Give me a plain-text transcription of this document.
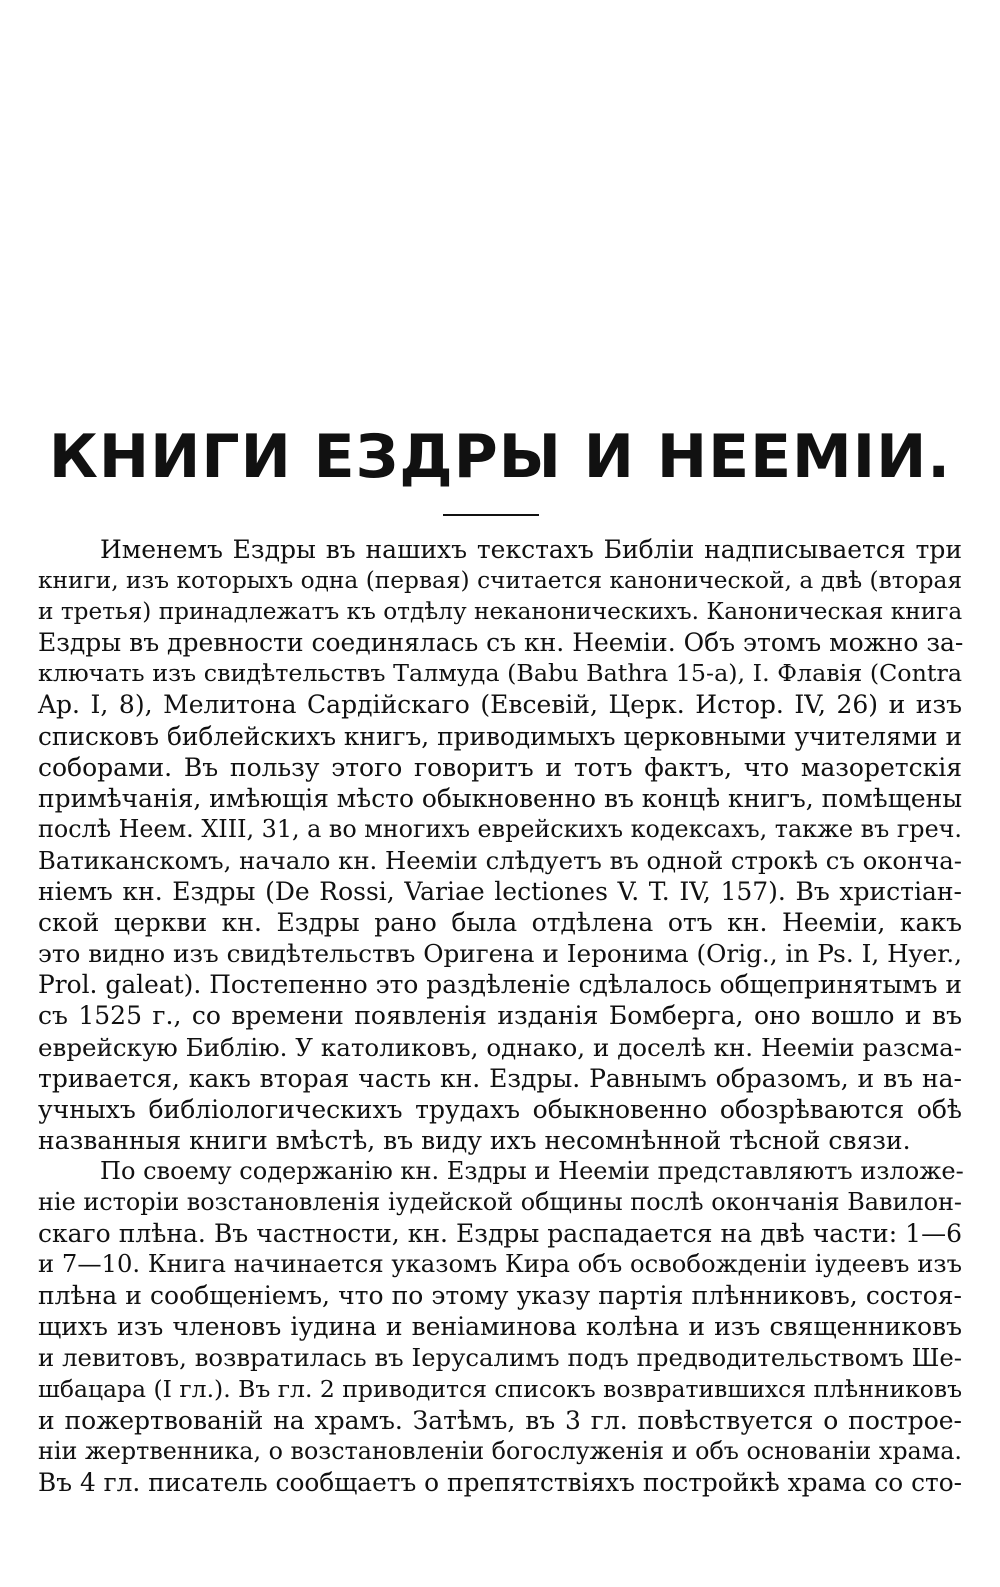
КНИГИ ЕЗДРЫ И НЕЕМІИ.
Именемъ Ездры въ нашихъ текстахъ Библіи надписывается три
книги, изъ которыхъ одна (первая) считается канонической, а двѣ (вторая
и третья) принадлежатъ къ отдѣлу неканоническихъ. Каноническая книга
Ездры въ древности соединялась съ кн. Нееміи. Объ этомъ можно за-
ключать изъ свидѣтельствъ Талмуда (Babu Bathra 15-a), I. Флавія (Contra
Ap. I, 8), Мелитона Сардійскаго (Евсевій, Церк. Истор. IV, 26) и изъ
списковъ библейскихъ книгъ, приводимыхъ церковными учителями и
соборами. Въ пользу этого говоритъ и тотъ фактъ, что мазоретскія
примѣчанія, имѣющія мѣсто обыкновенно въ концѣ книгъ, помѣщены
послѣ Неем. XIII, 31, а во многихъ еврейскихъ кодексахъ, также въ греч.
Ватиканскомъ, начало кн. Нееміи слѣдуетъ въ одной строкѣ съ оконча-
ніемъ кн. Ездры (De Rossi, Variae lectiones V. T. IV, 157). Въ христіан-
ской церкви кн. Ездры рано была отдѣлена отъ кн. Нееміи, какъ
это видно изъ свидѣтельствъ Оригена и Іеронима (Orig., in Ps. I, Hyer.,
Prol. galeat). Постепенно это раздѣленіе сдѣлалось общепринятымъ и
съ 1525 г., со времени появленія изданія Бомберга, оно вошло и въ
еврейскую Библію. У католиковъ, однако, и доселѣ кн. Нееміи разсма-
тривается, какъ вторая часть кн. Ездры. Равнымъ образомъ, и въ на-
учныхъ библіологическихъ трудахъ обыкновенно обозрѣваются обѣ
названныя книги вмѣстѣ, въ виду ихъ несомнѣнной тѣсной связи.
По своему содержанію кн. Ездры и Нееміи представляютъ изложе-
ніе исторіи возстановленія іудейской общины послѣ окончанія Вавилон-
скаго плѣна. Въ частности, кн. Ездры распадается на двѣ части: 1—6
и 7—10. Книга начинается указомъ Кира объ освобожденіи іудеевъ изъ
плѣна и сообщеніемъ, что по этому указу партія плѣнниковъ, состоя-
щихъ изъ членовъ іудина и веніаминова колѣна и изъ священниковъ
и левитовъ, возвратилась въ Іерусалимъ подъ предводительствомъ Ше-
шбацара (I гл.). Въ гл. 2 приводится списокъ возвратившихся плѣнниковъ
и пожертвованій на храмъ. Затѣмъ, въ 3 гл. повѣствуется о построе-
ніи жертвенника, о возстановленіи богослуженія и объ основаніи храма.
Въ 4 гл. писатель сообщаетъ о препятствіяхъ постройкѣ храма со сто-
